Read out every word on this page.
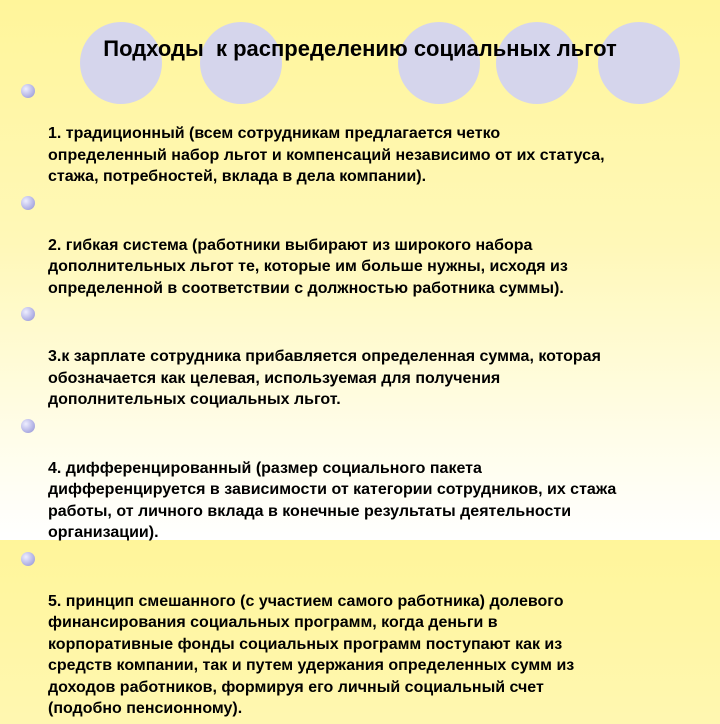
Подходы  к распределению социальных льгот

1. традиционный (всем сотрудникам предлагается четко
определенный набор льгот и компенсаций независимо от их статуса,
стажа, потребностей, вклада в дела компании).

2. гибкая система (работники выбирают из широкого набора
дополнительных льгот те, которые им больше нужны, исходя из
определенной в соответствии с должностью работника суммы).

3.к зарплате сотрудника прибавляется определенная сумма, которая
обозначается как целевая, используемая для получения
дополнительных социальных льгот.

4. дифференцированный (размер социального пакета
дифференцируется в зависимости от категории сотрудников, их стажа
работы, от личного вклада в конечные результаты деятельности
организации).

5. принцип смешанного (с участием самого работника) долевого
финансирования социальных программ, когда деньги в
корпоративные фонды социальных программ поступают как из
средств компании, так и путем удержания определенных сумм из
доходов работников, формируя его личный социальный счет
(подобно пенсионному).
